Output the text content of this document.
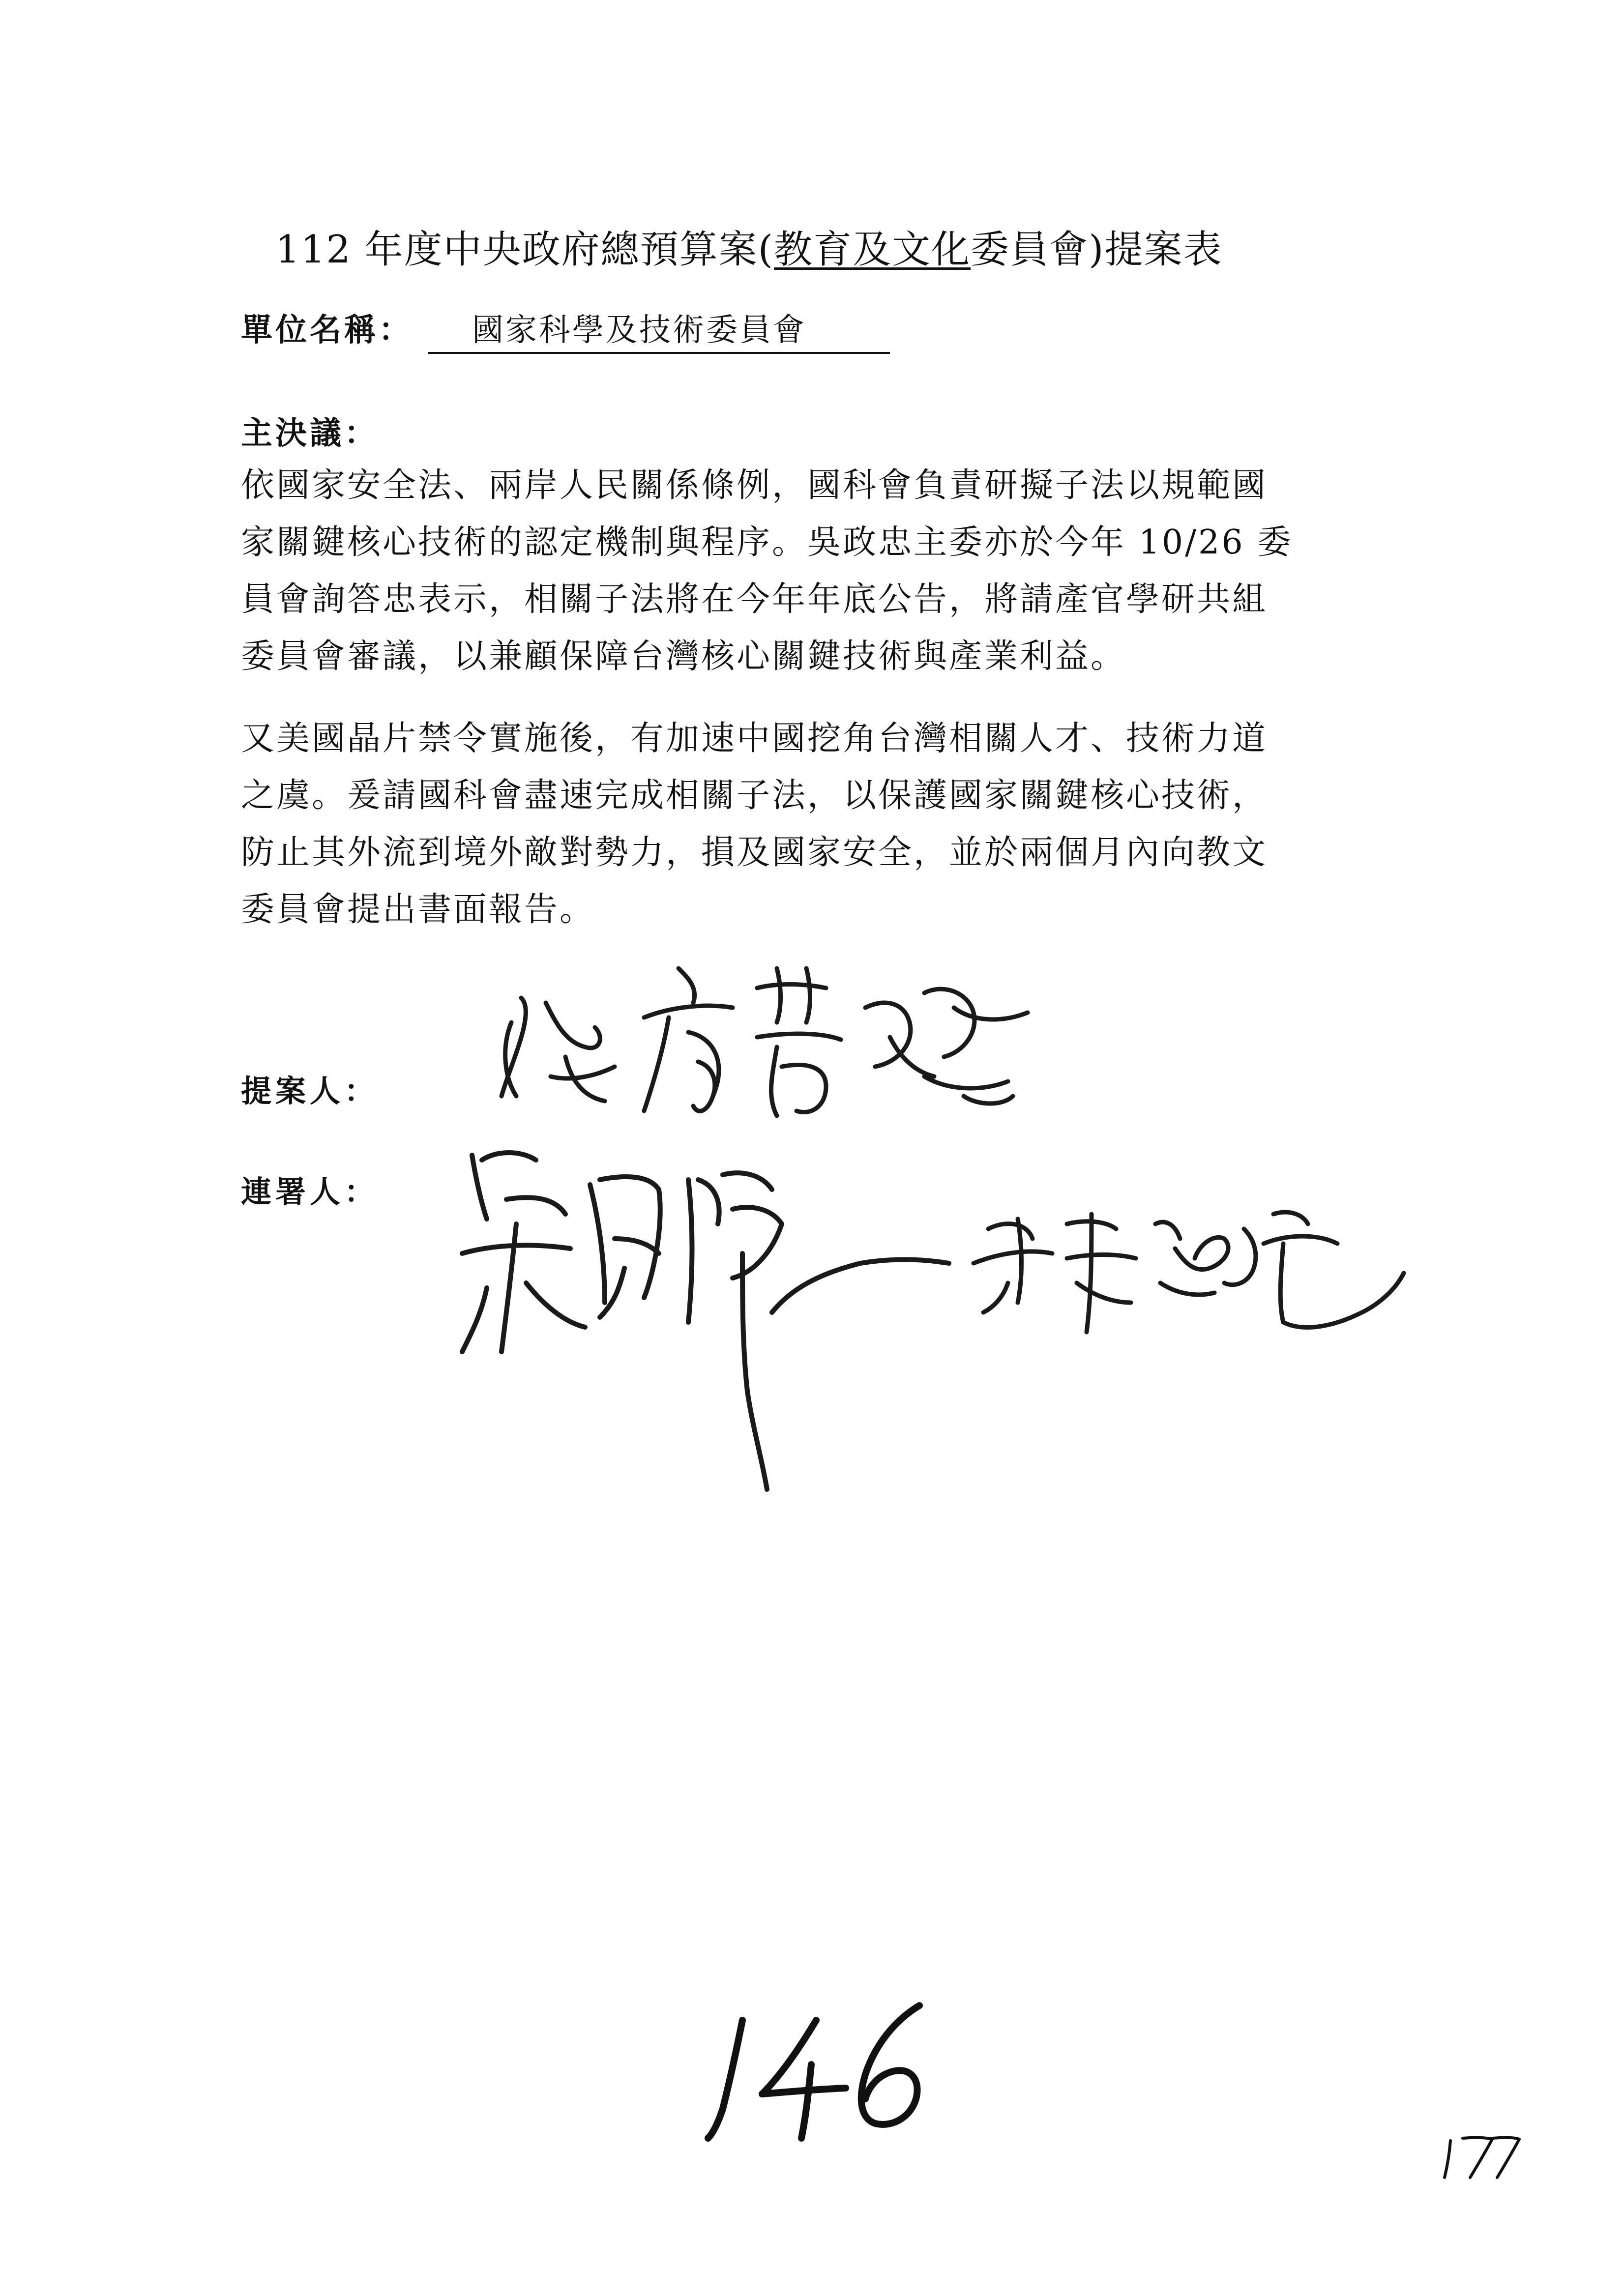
112 年度中央政府總預算案(教育及文化委員會)提案表
單位名稱： 國家科學及技術委員會
主決議：
依國家安全法、兩岸人民關係條例，國科會負責研擬子法以規範國
家關鍵核心技術的認定機制與程序。吳政忠主委亦於今年 10/26 委
員會詢答忠表示，相關子法將在今年年底公告，將請產官學研共組
委員會審議，以兼顧保障台灣核心關鍵技術與產業利益。
又美國晶片禁令實施後，有加速中國挖角台灣相關人才、技術力道
之虞。爰請國科會盡速完成相關子法，以保護國家關鍵核心技術，
防止其外流到境外敵對勢力，損及國家安全，並於兩個月內向教文
委員會提出書面報告。
提案人：
連署人：
